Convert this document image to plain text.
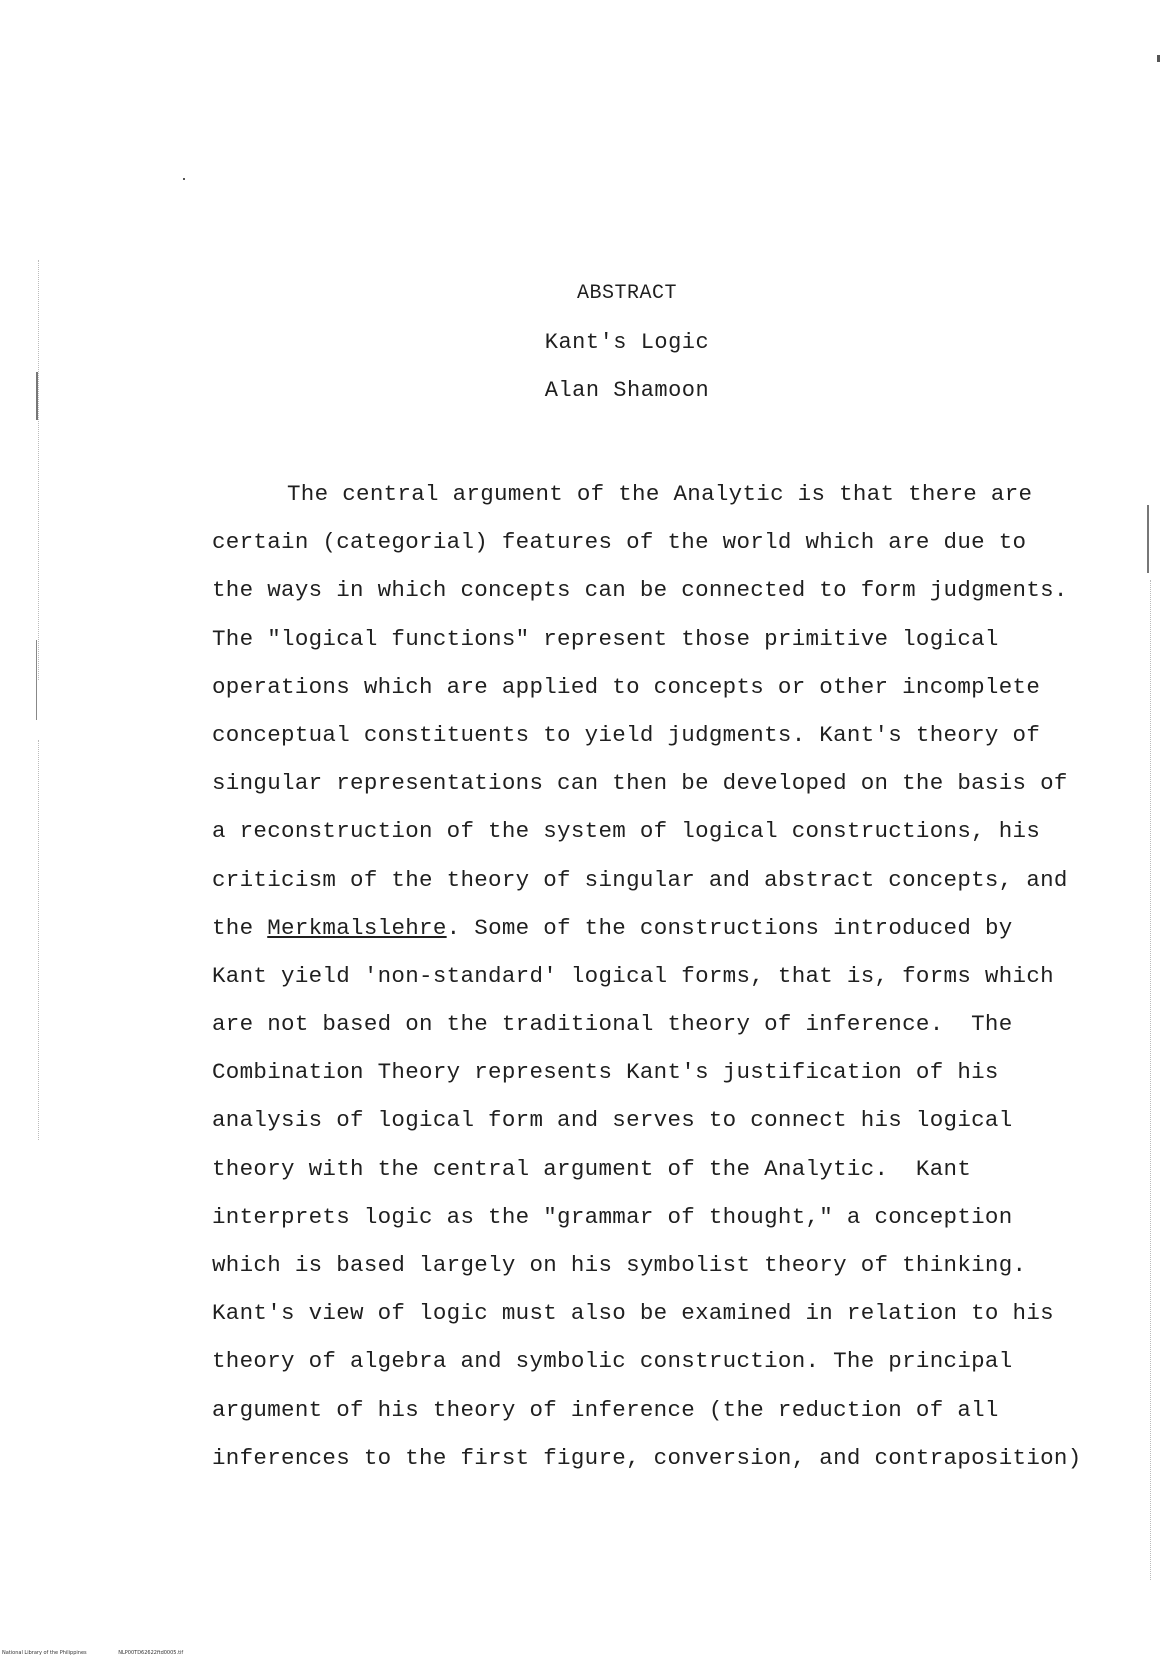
ABSTRACT
Kant's Logic
Alan Shamoon
The central argument of the Analytic is that there are
certain (categorial) features of the world which are due to
the ways in which concepts can be connected to form judgments.
The "logical functions" represent those primitive logical
operations which are applied to concepts or other incomplete
conceptual constituents to yield judgments. Kant's theory of
singular representations can then be developed on the basis of
a reconstruction of the system of logical constructions, his
criticism of the theory of singular and abstract concepts, and
the Merkmalslehre. Some of the constructions introduced by
Kant yield 'non-standard' logical forms, that is, forms which
are not based on the traditional theory of inference.  The
Combination Theory represents Kant's justification of his
analysis of logical form and serves to connect his logical
theory with the central argument of the Analytic.  Kant
interprets logic as the "grammar of thought," a conception
which is based largely on his symbolist theory of thinking.
Kant's view of logic must also be examined in relation to his
theory of algebra and symbolic construction. The principal
argument of his theory of inference (the reduction of all
inferences to the first figure, conversion, and contraposition)
National Library of the Philippines	NLP00TD62622ftd0005.tif
